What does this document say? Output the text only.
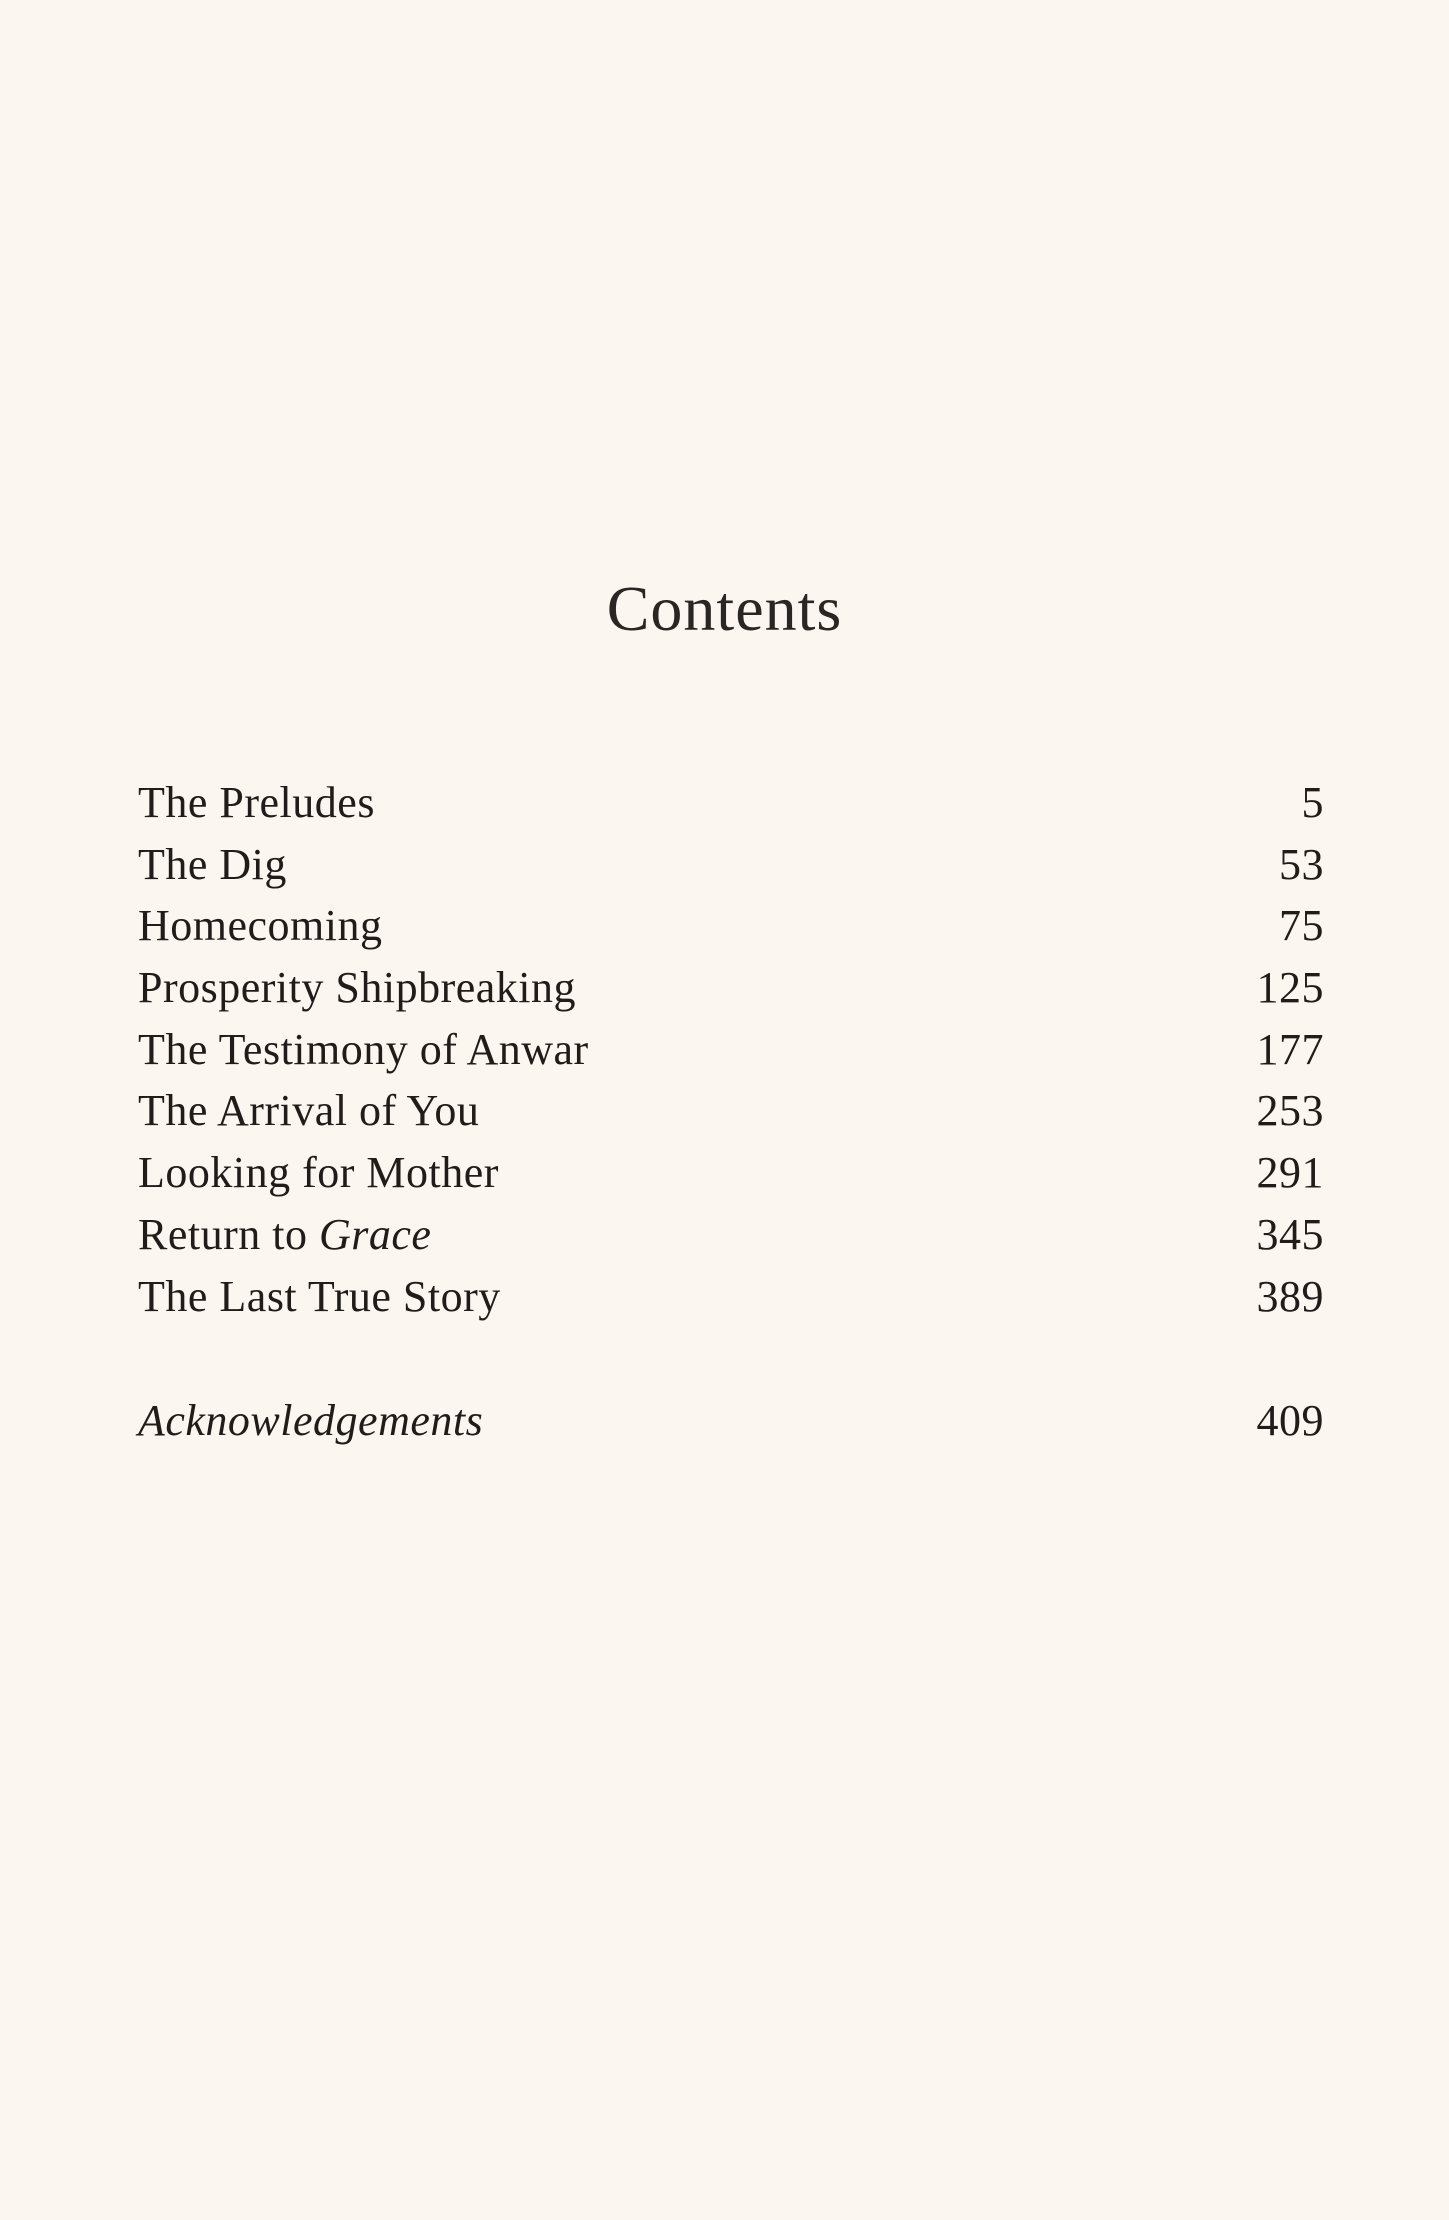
Contents
The Preludes	5
The Dig	53
Homecoming	75
Prosperity Shipbreaking	125
The Testimony of Anwar	177
The Arrival of You	253
Looking for Mother	291
Return to Grace	345
The Last True Story	389
Acknowledgements	409
